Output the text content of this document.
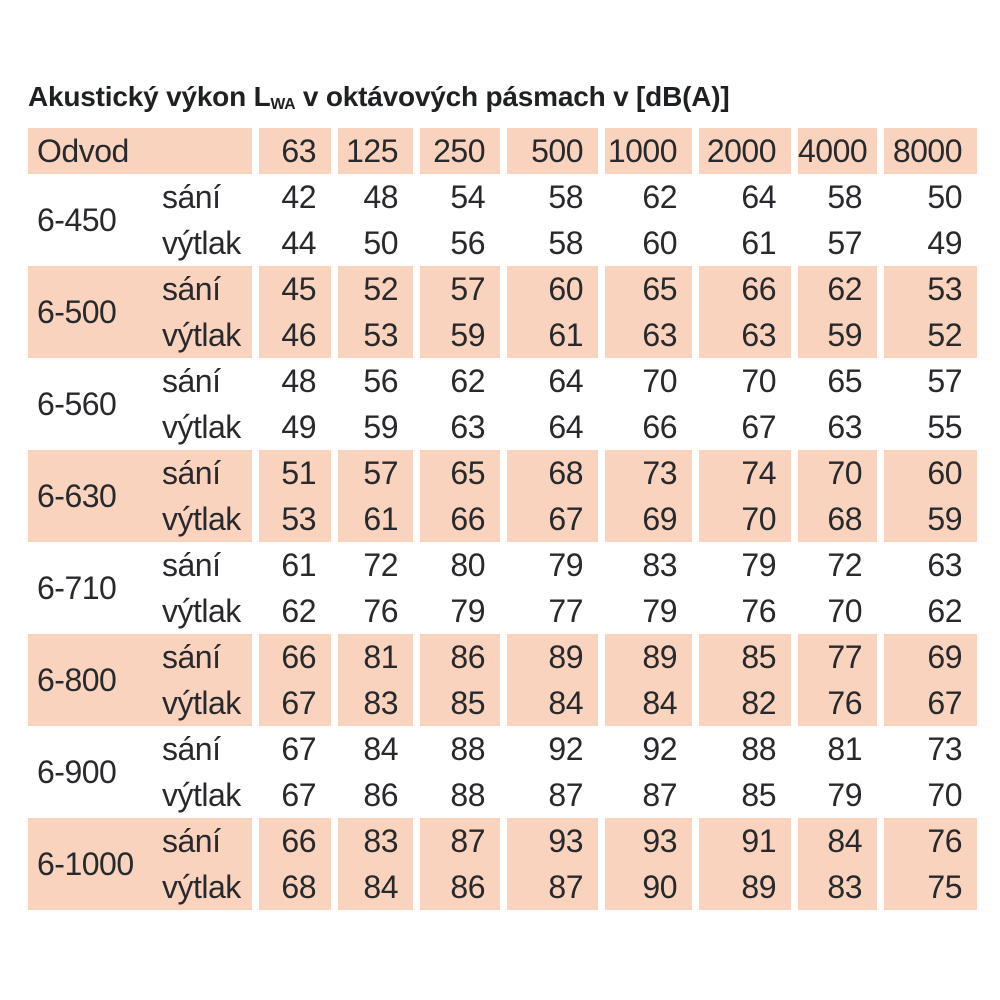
Akustický výkon $L_{WA}$ v oktávových pásmach v [dB(A)]
Odvod		63	125	250	500	1000	2000	4000	8000
6-450	sání	42	48	54	58	62	64	58	50
	výtlak	44	50	56	58	60	61	57	49
6-500	sání	45	52	57	60	65	66	62	53
	výtlak	46	53	59	61	63	63	59	52
6-560	sání	48	56	62	64	70	70	65	57
	výtlak	49	59	63	64	66	67	63	55
6-630	sání	51	57	65	68	73	74	70	60
	výtlak	53	61	66	67	69	70	68	59
6-710	sání	61	72	80	79	83	79	72	63
	výtlak	62	76	79	77	79	76	70	62
6-800	sání	66	81	86	89	89	85	77	69
	výtlak	67	83	85	84	84	82	76	67
6-900	sání	67	84	88	92	92	88	81	73
	výtlak	67	86	88	87	87	85	79	70
6-1000	sání	66	83	87	93	93	91	84	76
	výtlak	68	84	86	87	90	89	83	75
